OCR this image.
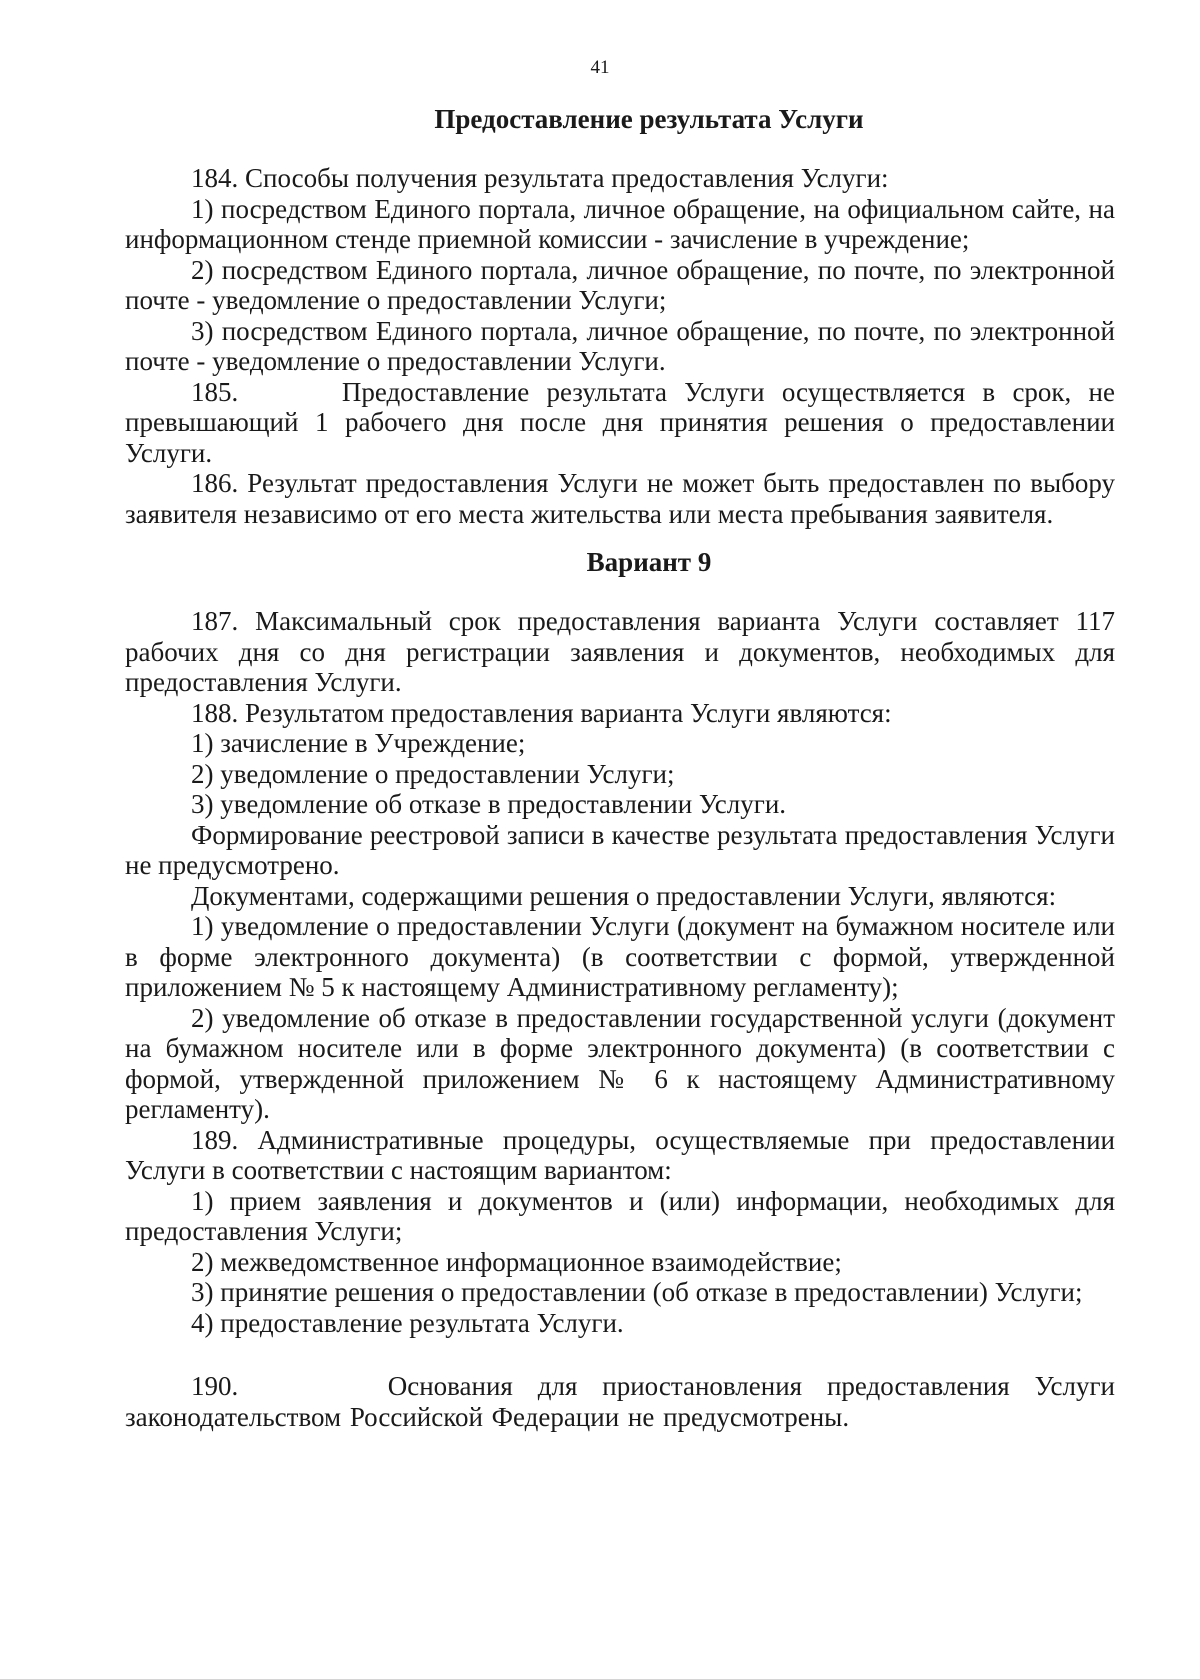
41
Предоставление результата Услуги

184. Способы получения результата предоставления Услуги:

1) посредством Единого портала, личное обращение, на официальном сайте, на информационном стенде приемной комиссии - зачисление в учреждение;

2) посредством Единого портала, личное обращение, по почте, по электронной почте - уведомление о предоставлении Услуги;

3) посредством Единого портала, личное обращение, по почте, по электронной почте - уведомление о предоставлении Услуги.

185.      Предоставление результата Услуги осуществляется в срок, не превышающий 1 рабочего дня после дня принятия решения о предоставлении Услуги.

186. Результат предоставления Услуги не может быть предоставлен по выбору заявителя независимо от его места жительства или места пребывания заявителя.

Вариант 9

187. Максимальный срок предоставления варианта Услуги составляет 117 рабочих дня со дня регистрации заявления и документов, необходимых для предоставления Услуги.

188. Результатом предоставления варианта Услуги являются:

1) зачисление в Учреждение;

2) уведомление о предоставлении Услуги;

3) уведомление об отказе в предоставлении Услуги.

Формирование реестровой записи в качестве результата предоставления Услуги не предусмотрено.

Документами, содержащими решения о предоставлении Услуги, являются:

1) уведомление о предоставлении Услуги (документ на бумажном носителе или в форме электронного документа) (в соответствии с формой, утвержденной приложением № 5 к настоящему Административному регламенту);

2) уведомление об отказе в предоставлении государственной услуги (документ на бумажном носителе или в форме электронного документа) (в соответствии с формой, утвержденной приложением № 6 к настоящему Административному регламенту).

189. Административные процедуры, осуществляемые при предоставлении Услуги в соответствии с настоящим вариантом:

1) прием заявления и документов и (или) информации, необходимых для предоставления Услуги;

2) межведомственное информационное взаимодействие;

3) принятие решения о предоставлении (об отказе в предоставлении) Услуги;

4) предоставление результата Услуги.

190.      Основания для приостановления предоставления Услуги законодательством Российской Федерации не предусмотрены.
